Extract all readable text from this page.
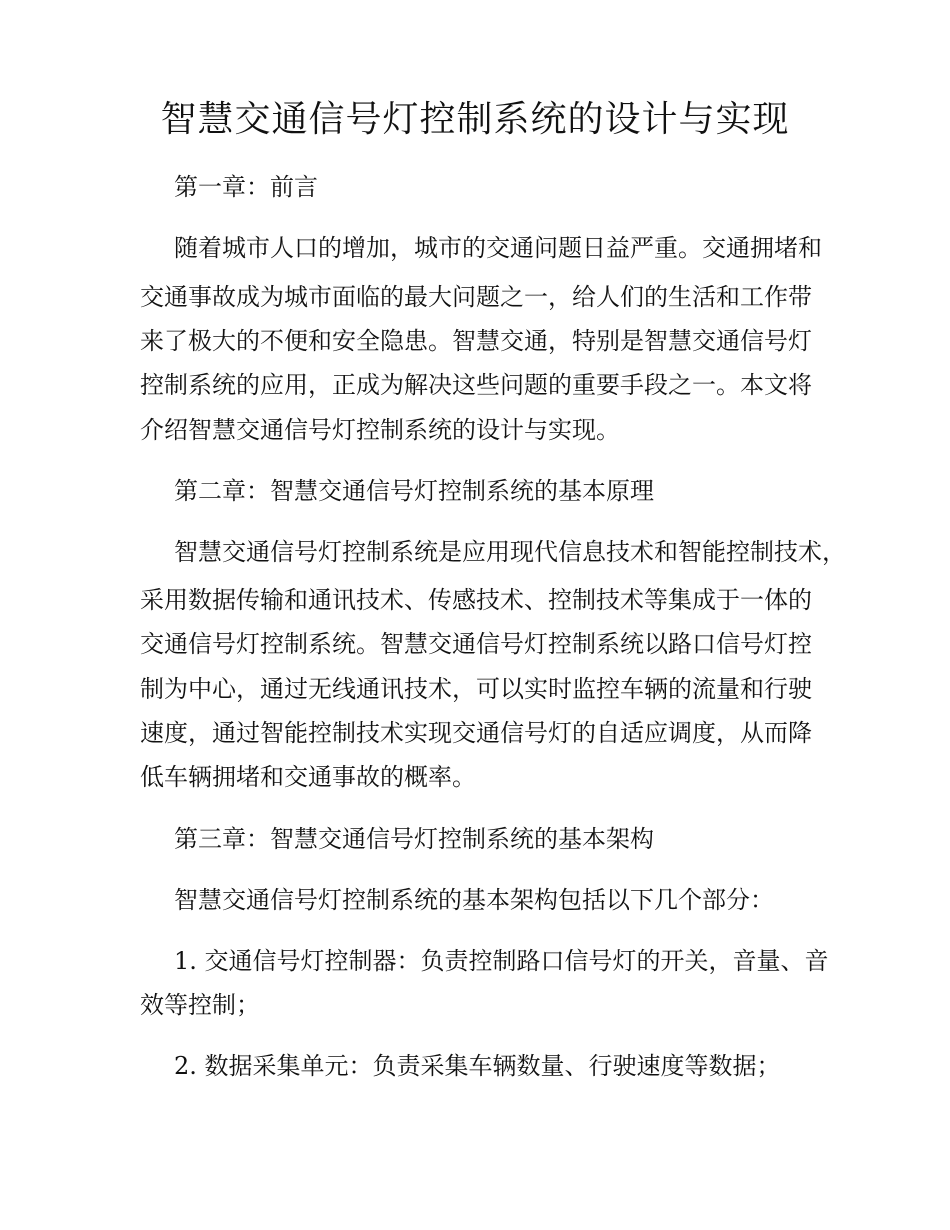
智慧交通信号灯控制系统的设计与实现

第一章：前言

随着城市人口的增加，城市的交通问题日益严重。交通拥堵和

交通事故成为城市面临的最大问题之一，给人们的生活和工作带

来了极大的不便和安全隐患。智慧交通，特别是智慧交通信号灯

控制系统的应用，正成为解决这些问题的重要手段之一。本文将

介绍智慧交通信号灯控制系统的设计与实现。

第二章：智慧交通信号灯控制系统的基本原理

智慧交通信号灯控制系统是应用现代信息技术和智能控制技术，

采用数据传输和通讯技术、传感技术、控制技术等集成于一体的

交通信号灯控制系统。智慧交通信号灯控制系统以路口信号灯控

制为中心，通过无线通讯技术，可以实时监控车辆的流量和行驶

速度，通过智能控制技术实现交通信号灯的自适应调度，从而降

低车辆拥堵和交通事故的概率。

第三章：智慧交通信号灯控制系统的基本架构

智慧交通信号灯控制系统的基本架构包括以下几个部分：

1. 交通信号灯控制器：负责控制路口信号灯的开关，音量、音

效等控制；

2. 数据采集单元：负责采集车辆数量、行驶速度等数据；
